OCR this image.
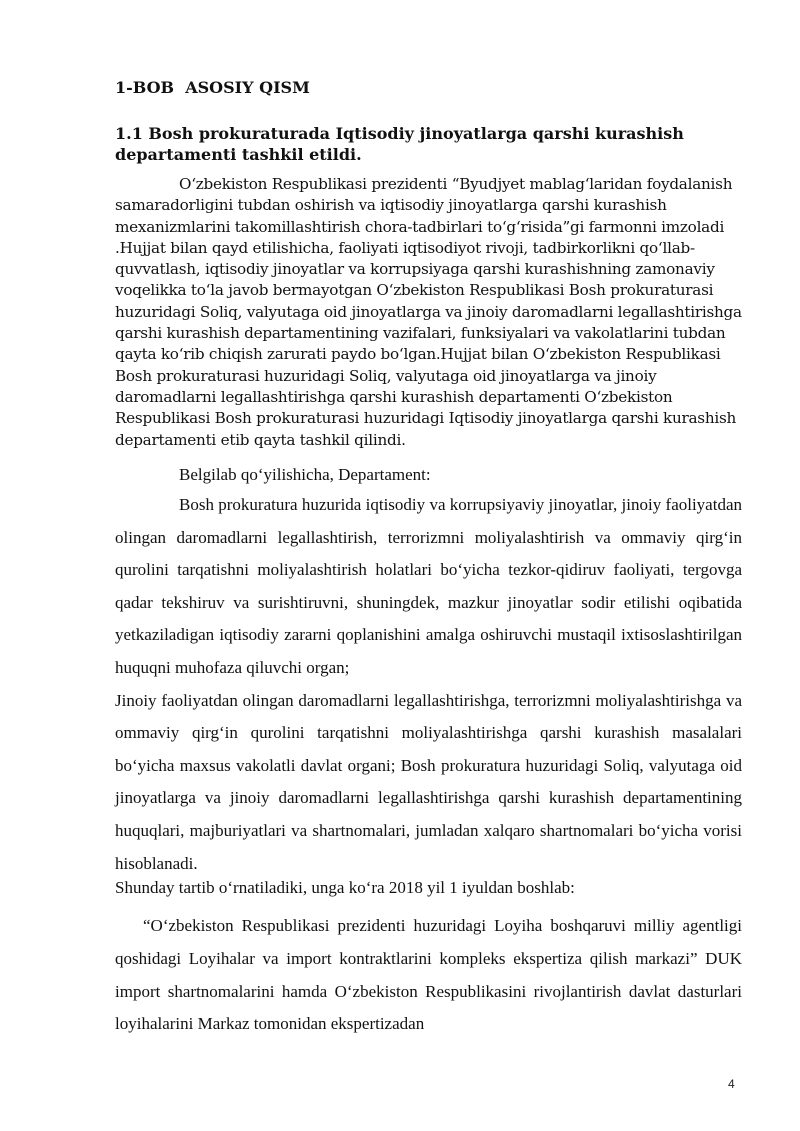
1-BOB  ASOSIY QISM
1.1 Bosh prokuraturada Iqtisodiy jinoyatlarga qarshi kurashish departamenti tashkil etildi.

O‘zbekiston Respublikasi prezidenti “Byudjyet mablag‘laridan foydalanish samaradorligini tubdan oshirish va iqtisodiy jinoyatlarga qarshi kurashish mexanizmlarini takomillashtirish chora-tadbirlari to‘g‘risida”gi farmonni imzoladi .Hujjat bilan qayd etilishicha, faoliyati iqtisodiyot rivoji, tadbirkorlikni qo‘llab-quvvatlash, iqtisodiy jinoyatlar va korrupsiyaga qarshi kurashishning zamonaviy voqelikka to‘la javob bermayotgan O‘zbekiston Respublikasi Bosh prokuraturasi huzuridagi Soliq, valyutaga oid jinoyatlarga va jinoiy daromadlarni legallashtirishga qarshi kurashish departamentining vazifalari, funksiyalari va vakolatlarini tubdan qayta ko‘rib chiqish zarurati paydo bo‘lgan.Hujjat bilan O‘zbekiston Respublikasi Bosh prokuraturasi huzuridagi Soliq, valyutaga oid jinoyatlarga va jinoiy daromadlarni legallashtirishga qarshi kurashish departamenti O‘zbekiston Respublikasi Bosh prokuraturasi huzuridagi Iqtisodiy jinoyatlarga qarshi kurashish departamenti etib qayta tashkil qilindi.

Belgilab qo‘yilishicha, Departament:

Bosh prokuratura huzurida iqtisodiy va korrupsiyaviy jinoyatlar, jinoiy faoliyatdan olingan daromadlarni legallashtirish, terrorizmni moliyalashtirish va ommaviy qirg‘in qurolini tarqatishni moliyalashtirish holatlari bo‘yicha tezkor-qidiruv faoliyati, tergovga qadar tekshiruv va surishtiruvni, shuningdek, mazkur jinoyatlar sodir etilishi oqibatida yetkaziladigan iqtisodiy zararni qoplanishini amalga oshiruvchi mustaqil ixtisoslashtirilgan huquqni muhofaza qiluvchi organ;

Jinoiy faoliyatdan olingan daromadlarni legallashtirishga, terrorizmni moliyalashtirishga va ommaviy qirg‘in qurolini tarqatishni moliyalashtirishga qarshi kurashish masalalari bo‘yicha maxsus vakolatli davlat organi; Bosh prokuratura huzuridagi Soliq, valyutaga oid jinoyatlarga va jinoiy daromadlarni legallashtirishga qarshi kurashish departamentining huquqlari, majburiyatlari va shartnomalari, jumladan xalqaro shartnomalari bo‘yicha vorisi hisoblanadi.

Shunday tartib o‘rnatiladiki, unga ko‘ra 2018 yil 1 iyuldan boshlab:

“O‘zbekiston Respublikasi prezidenti huzuridagi Loyiha boshqaruvi milliy agentligi qoshidagi Loyihalar va import kontraktlarini kompleks ekspertiza qilish markazi” DUK import shartnomalarini hamda O‘zbekiston Respublikasini rivojlantirish davlat dasturlari loyihalarini Markaz tomonidan ekspertizadan

4
